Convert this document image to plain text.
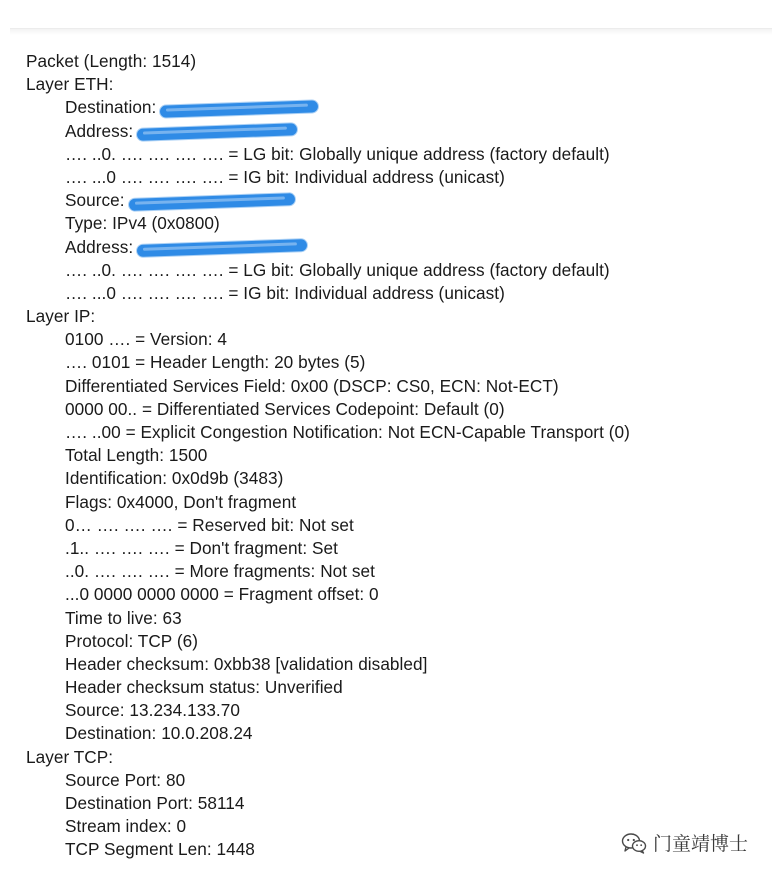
Packet (Length: 1514)
Layer ETH:
Destination:
Address:
…. ..0. …. …. …. …. = LG bit: Globally unique address (factory default)
…. ...0 …. …. …. …. = IG bit: Individual address (unicast)
Source:
Type: IPv4 (0x0800)
Address:
…. ..0. …. …. …. …. = LG bit: Globally unique address (factory default)
…. ...0 …. …. …. …. = IG bit: Individual address (unicast)
Layer IP:
0100 …. = Version: 4
…. 0101 = Header Length: 20 bytes (5)
Differentiated Services Field: 0x00 (DSCP: CS0, ECN: Not-ECT)
0000 00.. = Differentiated Services Codepoint: Default (0)
…. ..00 = Explicit Congestion Notification: Not ECN-Capable Transport (0)
Total Length: 1500
Identification: 0x0d9b (3483)
Flags: 0x4000, Don't fragment
0… …. …. …. = Reserved bit: Not set
.1.. …. …. …. = Don't fragment: Set
..0. …. …. …. = More fragments: Not set
...0 0000 0000 0000 = Fragment offset: 0
Time to live: 63
Protocol: TCP (6)
Header checksum: 0xbb38 [validation disabled]
Header checksum status: Unverified
Source: 13.234.133.70
Destination: 10.0.208.24
Layer TCP:
Source Port: 80
Destination Port: 58114
Stream index: 0
TCP Segment Len: 1448	门童靖博士
